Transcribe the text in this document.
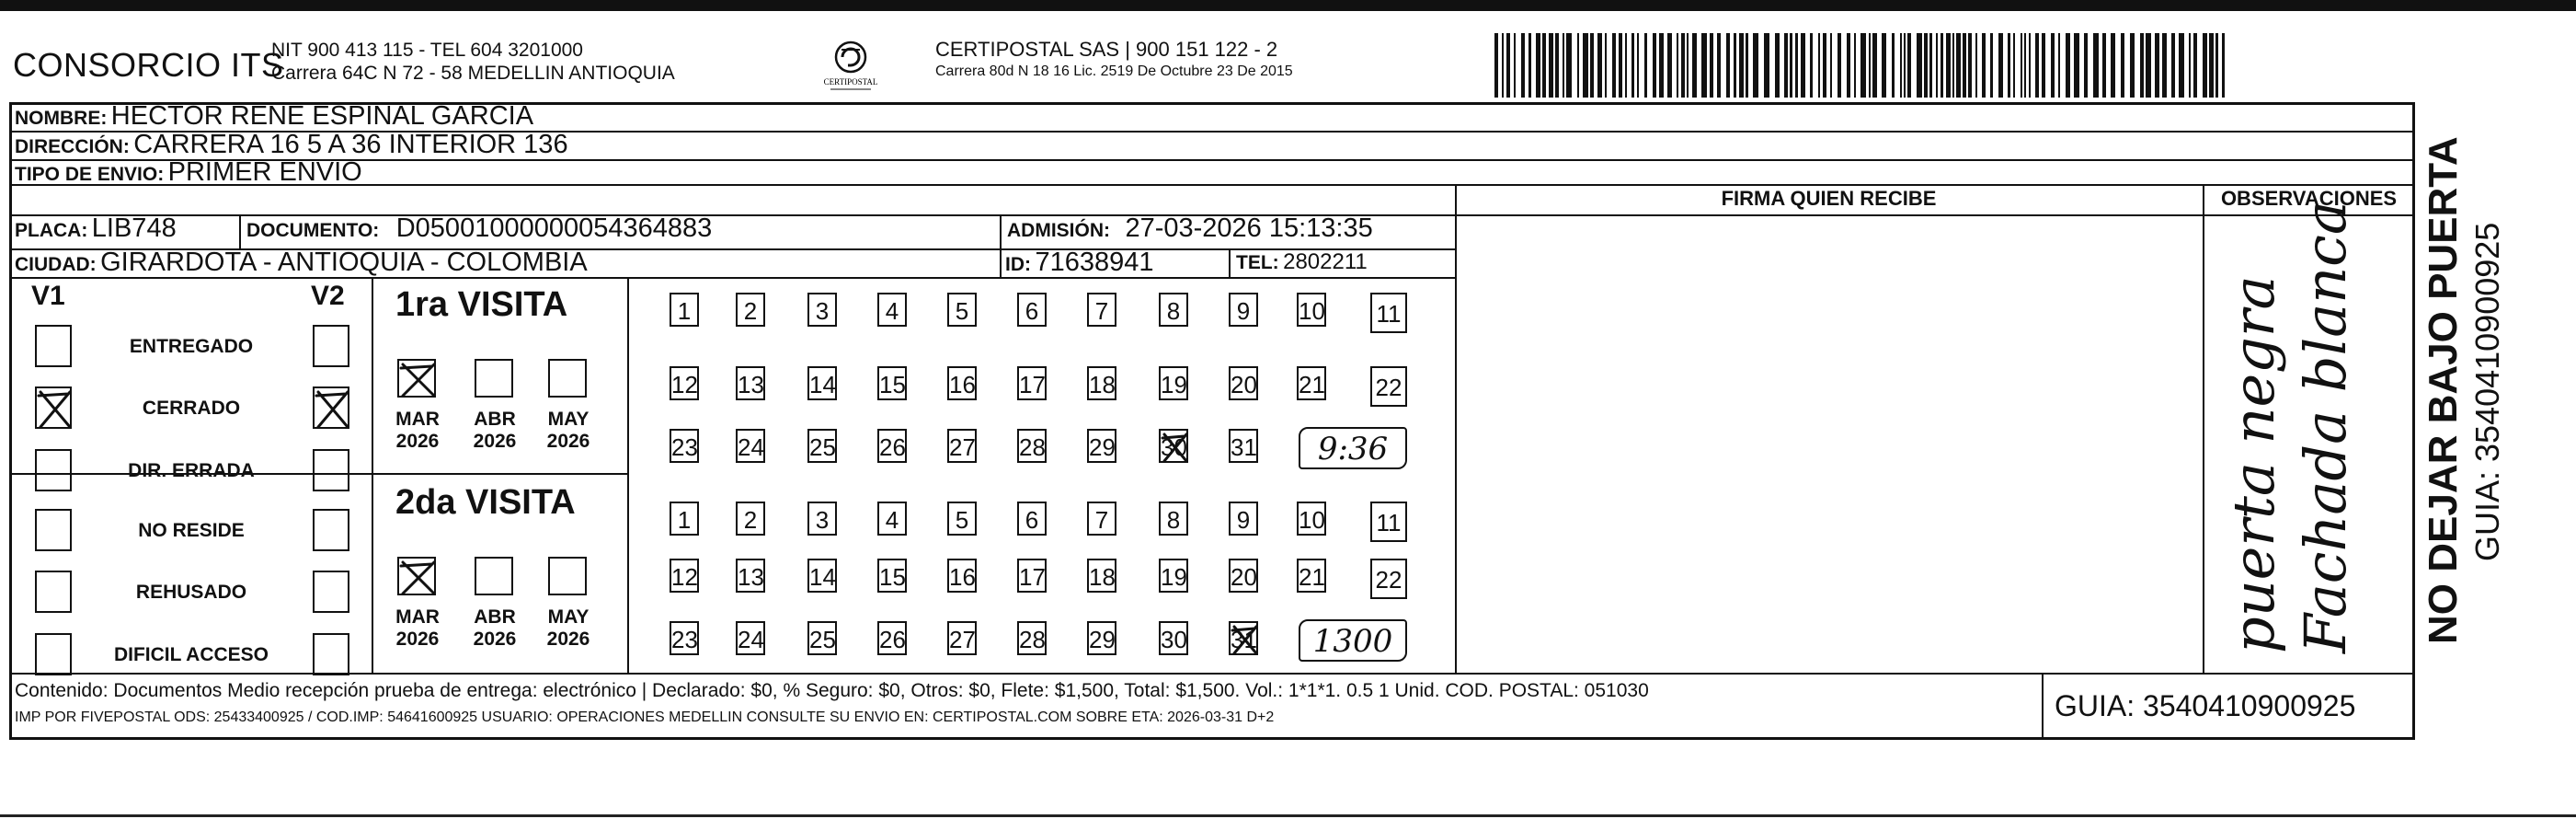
CONSORCIO ITS
NIT 900 413 115 - TEL 604 3201000
Carrera 64C N 72 - 58 MEDELLIN ANTIOQUIA	CERTIPOSTAL
CERTIPOSTAL SAS | 900 151 122 - 2
Carrera 80d N 18 16 Lic. 2519 De Octubre 23 De 2015
NOMBRE: HECTOR RENE ESPINAL GARCIA
DIRECCIÓN: CARRERA 16 5 A 36 INTERIOR 136
TIPO DE ENVIO: PRIMER ENVIO
FIRMA QUIEN RECIBE	OBSERVACIONES
PLACA: LIB748	DOCUMENTO: D05001000000054364883	ADMISIÓN: 27-03-2026 15:13:35
CIUDAD: GIRARDOTA - ANTIOQUIA - COLOMBIA	ID: 71638941	TEL: 2802211
V1	V2 1ra VISITA
2da VISITA	puerta negra Fachada blanca
Contenido: Documentos Medio recepción prueba de entrega: electrónico | Declarado: $0, % Seguro: $0, Otros: $0, Flete: $1,500, Total: $1,500. Vol.: 1*1*1. 0.5 1 Unid. COD. POSTAL: 051030
IMP POR FIVEPOSTAL ODS: 25433400925 / COD.IMP: 54641600925 USUARIO: OPERACIONES MEDELLIN CONSULTE SU ENVIO EN: CERTIPOSTAL.COM SOBRE ETA: 2026-03-31 D+2	GUIA: 3540410900925
NO DEJAR BAJO PUERTA GUIA: 3540410900925
ENTREGADO
CERRADO
DIR. ERRADA
NO RESIDE
REHUSADO
DIFICIL ACCESO
MAR
2026
ABR
2026
MAY
2026
MAR
2026
ABR
2026
MAY
2026
1	2	3	4	5	6	7	8	9	10 11
12 13 14 15 16 17 18 19 20 21 22
23 24 25 26 27 28 29 30 31	9:36
1	2	3	4	5	6	7	8	9	10 11
12 13 14 15 16 17 18 19 20 21 22
23 24 25 26 27 28 29 30 31	1300
